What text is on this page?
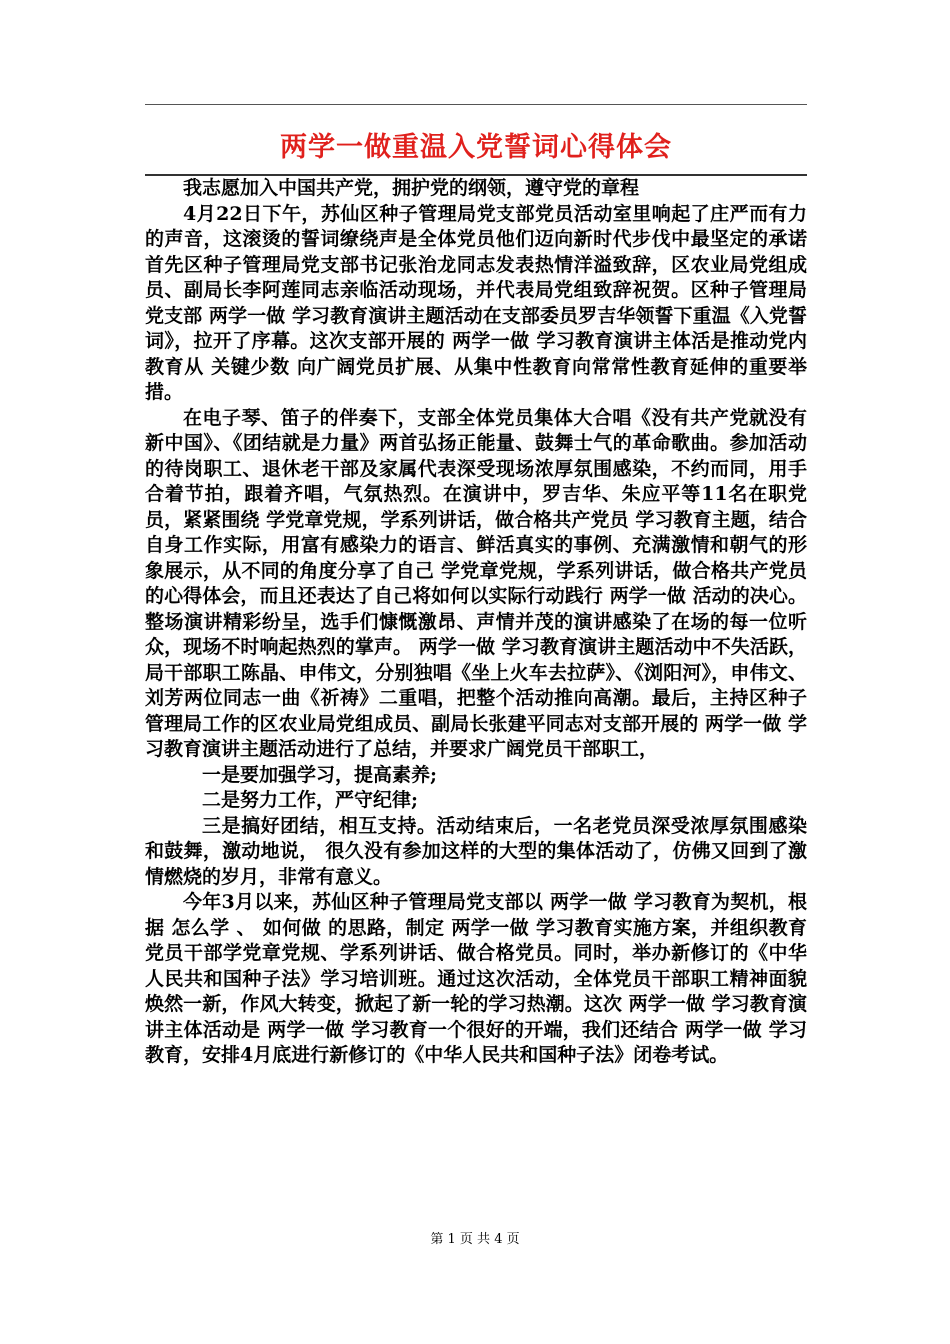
两学一做重温入党誓词心得体会

我志愿加入中国共产党，拥护党的纲领，遵守党的章程

4月22日下午，苏仙区种子管理局党支部党员活动室里响起了庄严而有力的声音，这滚烫的誓词缭绕声是全体党员他们迈向新时代步伐中最坚定的承诺 首先区种子管理局党支部书记张治龙同志发表热情洋溢致辞，区农业局党组成员、副局长李阿莲同志亲临活动现场，并代表局党组致辞祝贺。区种子管理局党支部 两学一做 学习教育演讲主题活动在支部委员罗吉华领誓下重温《入党誓词》，拉开了序幕。这次支部开展的 两学一做 学习教育演讲主体活是推动党内教育从 关键少数 向广阔党员扩展、从集中性教育向常常性教育延伸的重要举措。

在电子琴、笛子的伴奏下，支部全体党员集体大合唱《没有共产党就没有新中国》、《团结就是力量》两首弘扬正能量、鼓舞士气的革命歌曲。参加活动的待岗职工、退休老干部及家属代表深受现场浓厚氛围感染，不约而同，用手合着节拍，跟着齐唱，气氛热烈。在演讲中，罗吉华、朱应平等11名在职党员，紧紧围绕 学党章党规，学系列讲话，做合格共产党员 学习教育主题，结合自身工作实际，用富有感染力的语言、鲜活真实的事例、充满激情和朝气的形象展示，从不同的角度分享了自己 学党章党规，学系列讲话，做合格共产党员 的心得体会，而且还表达了自己将如何以实际行动践行 两学一做 活动的决心。整场演讲精彩纷呈，选手们慷慨激昂、声情并茂的演讲感染了在场的每一位听众，现场不时响起热烈的掌声。 两学一做 学习教育演讲主题活动中不失活跃，局干部职工陈晶、申伟文，分别独唱《坐上火车去拉萨》、《浏阳河》，申伟文、刘芳两位同志一曲《祈祷》二重唱，把整个活动推向高潮。最后，主持区种子管理局工作的区农业局党组成员、副局长张建平同志对支部开展的 两学一做 学习教育演讲主题活动进行了总结，并要求广阔党员干部职工，

一是要加强学习，提高素养;

二是努力工作，严守纪律;

三是搞好团结，相互支持。活动结束后，一名老党员深受浓厚氛围感染和鼓舞，激动地说， 很久没有参加这样的大型的集体活动了，仿佛又回到了激情燃烧的岁月，非常有意义。

今年3月以来，苏仙区种子管理局党支部以 两学一做 学习教育为契机，根据 怎么学 、 如何做 的思路，制定 两学一做 学习教育实施方案，并组织教育党员干部学党章党规、学系列讲话、做合格党员。同时，举办新修订的《中华人民共和国种子法》学习培训班。通过这次活动，全体党员干部职工精神面貌焕然一新，作风大转变，掀起了新一轮的学习热潮。这次 两学一做 学习教育演讲主体活动是 两学一做 学习教育一个很好的开端，我们还结合 两学一做 学习教育，安排4月底进行新修订的《中华人民共和国种子法》闭卷考试。

第 1 页 共 4 页
